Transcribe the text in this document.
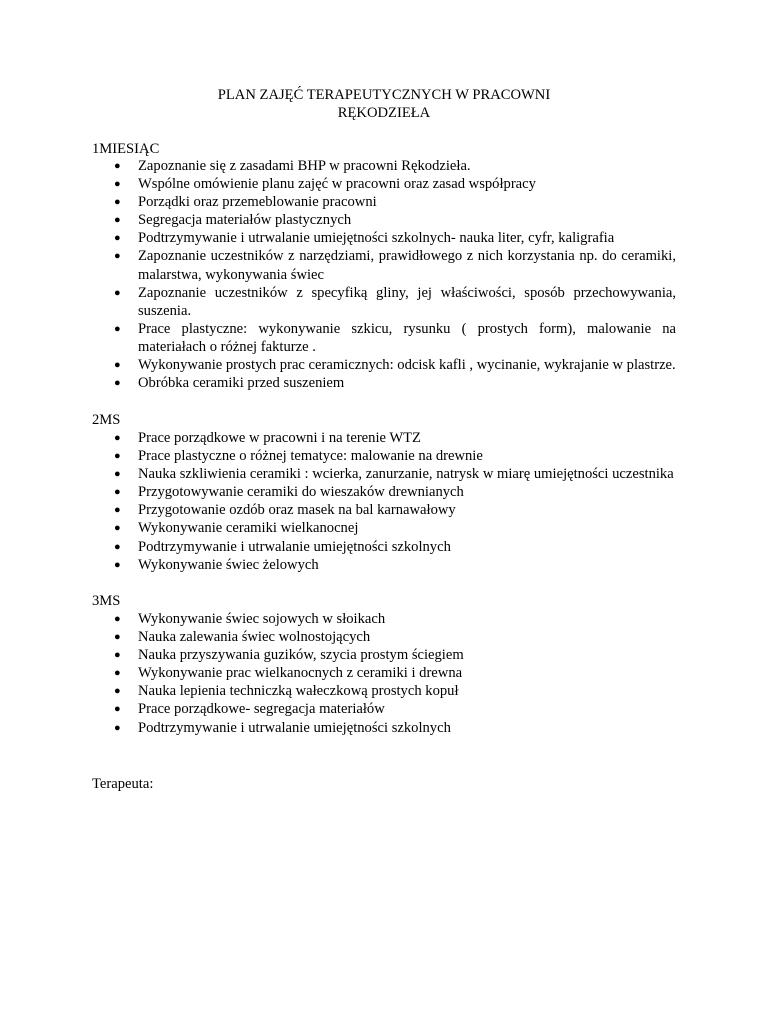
PLAN ZAJĘĆ TERAPEUTYCZNYCH W PRACOWNI
RĘKODZIEŁA
1MIESIĄC
● Zapoznanie się z zasadami BHP w pracowni Rękodzieła.
● Wspólne omówienie planu zajęć w pracowni oraz zasad współpracy
● Porządki oraz przemeblowanie pracowni
● Segregacja materiałów plastycznych
● Podtrzymywanie i utrwalanie umiejętności szkolnych- nauka liter, cyfr, kaligrafia
● Zapoznanie uczestników z narzędziami, prawidłowego z nich korzystania np. do ceramiki, malarstwa, wykonywania świec
● Zapoznanie uczestników z specyfiką gliny, jej właściwości, sposób przechowywania, suszenia.
● Prace plastyczne: wykonywanie szkicu, rysunku ( prostych form), malowanie na materiałach o różnej fakturze .
● Wykonywanie prostych prac ceramicznych: odcisk kafli , wycinanie, wykrajanie w plastrze.
● Obróbka ceramiki przed suszeniem
2MS
● Prace porządkowe w pracowni i na terenie WTZ
● Prace plastyczne o różnej tematyce: malowanie na drewnie
● Nauka szkliwienia ceramiki : wcierka, zanurzanie, natrysk w miarę umiejętności uczestnika
● Przygotowywanie ceramiki do wieszaków drewnianych
● Przygotowanie ozdób oraz masek na bal karnawałowy
● Wykonywanie ceramiki wielkanocnej
● Podtrzymywanie i utrwalanie umiejętności szkolnych
● Wykonywanie świec żelowych
3MS
● Wykonywanie świec sojowych w słoikach
● Nauka zalewania świec wolnostojących
● Nauka przyszywania guzików, szycia prostym ściegiem
● Wykonywanie prac wielkanocnych z ceramiki i drewna
● Nauka lepienia techniczką wałeczkową prostych kopuł
● Prace porządkowe- segregacja materiałów
● Podtrzymywanie i utrwalanie umiejętności szkolnych
Terapeuta:
